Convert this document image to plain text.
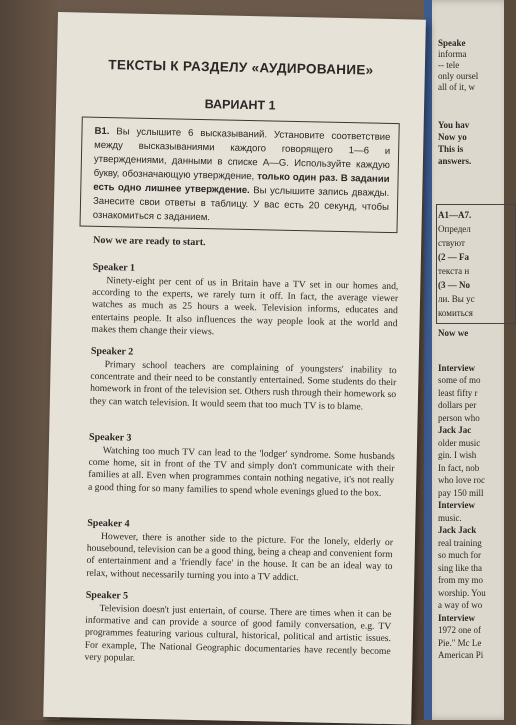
Speake
informa
-- tele
only oursel
all of it, w
You hav
Now yo
This is
answers.
A1—A7.
Определ
ствуют
(2 — Fa
текста н
(3 — No
ли. Вы ус
комиться
Now we
Interview
some of mo
least fifty r
dollars per
person who
Jack Jac
older music
gin. I wish
In fact, nob
who love roc
pay 150 mill
Interview
music.
Jack Jack
real training
so much for
sing like tha
from my mo
worship. You
a way of wo
Interview
1972 one of
Pie." Mc Le
American Pi
ТЕКСТЫ К РАЗДЕЛУ «АУДИРОВАНИЕ»
ВАРИАНТ 1
В1. Вы услышите 6 высказываний. Установите соответствие между высказываниями каждого говорящего 1—6 и утверждениями, данными в списке A—G. Используйте каждую букву, обозначающую утверждение, только один раз. В задании есть одно лишнее утверждение. Вы услышите запись дважды. Занесите свои ответы в таблицу. У вас есть 20 секунд, чтобы ознакомиться с заданием.
Now we are ready to start.
Speaker 1
Ninety-eight per cent of us in Britain have a TV set in our homes and, according to the experts, we rarely turn it off. In fact, the average viewer watches as much as 25 hours a week. Television informs, educates and entertains people. It also influences the way people look at the world and makes them change their views.
Speaker 2
Primary school teachers are complaining of youngsters' inability to concentrate and their need to be constantly entertained. Some students do their homework in front of the television set. Others rush through their homework so they can watch television. It would seem that too much TV is to blame.
Speaker 3
Watching too much TV can lead to the 'lodger' syndrome. Some husbands come home, sit in front of the TV and simply don't communicate with their families at all. Even when programmes contain nothing negative, it's not really a good thing for so many families to spend whole evenings glued to the box.
Speaker 4
However, there is another side to the picture. For the lonely, elderly or housebound, television can be a good thing, being a cheap and convenient form of entertainment and a 'friendly face' in the house. It can be an ideal way to relax, without necessarily turning you into a TV addict.
Speaker 5
Television doesn't just entertain, of course. There are times when it can be informative and can provide a source of good family conversation, e.g. TV programmes featuring various cultural, historical, political and artistic issues. For example, The National Geographic documentaries have recently become very popular.
